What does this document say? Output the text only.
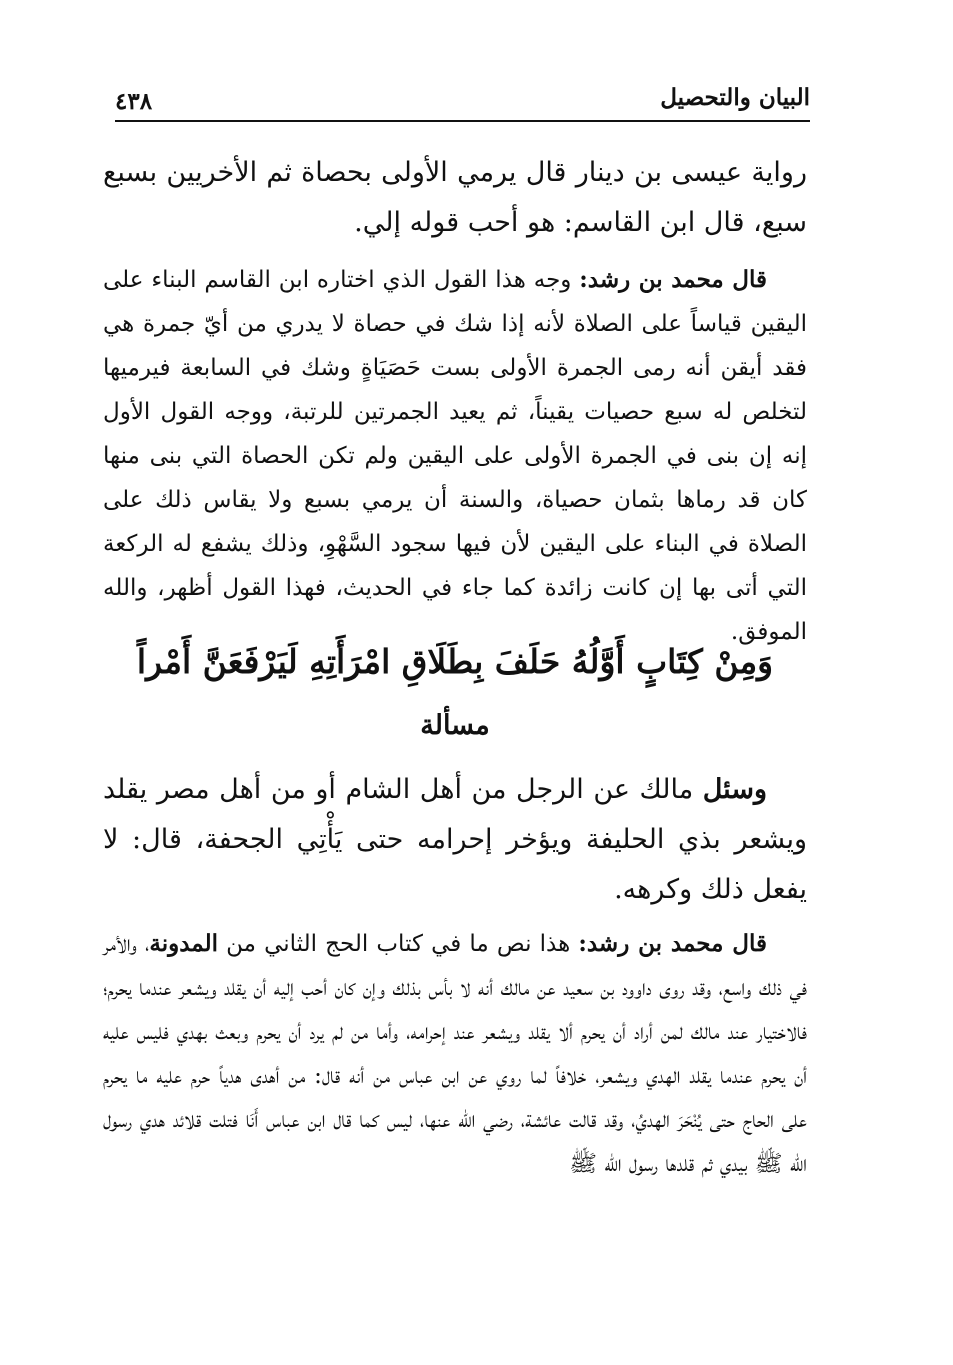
البيان والتحصيل
٤٣٨

رواية عيسى بن دينار قال يرمي الأولى بحصاة ثم الأخريين بسبع سبع، قال ابن القاسم: هو أحب قوله إلي.

قال محمد بن رشد: وجه هذا القول الذي اختاره ابن القاسم البناء على اليقين قياساً على الصلاة لأنه إذا شك في حصاة لا يدري من أيّ جمرة هي فقد أيقن أنه رمى الجمرة الأولى بست حَصَيَاةٍ وشك في السابعة فيرميها لتخلص له سبع حصيات يقيناً، ثم يعيد الجمرتين للرتبة، ووجه القول الأول إنه إن بنى في الجمرة الأولى على اليقين ولم تكن الحصاة التي بنى منها كان قد رماها بثمان حصياة، والسنة أن يرمي بسبع ولا يقاس ذلك على الصلاة في البناء على اليقين لأن فيها سجود السَّهْوِ، وذلك يشفع له الركعة التي أتى بها إن كانت زائدة كما جاء في الحديث، فهذا القول أظهر، والله الموفق.

وَمِنْ كِتَابٍ أَوَّلُهُ حَلَفَ بِطَلَاقِ امْرَأَتِهِ لَيَرْفَعَنَّ أَمْراً
مسألة

وسئل مالك عن الرجل من أهل الشام أو من أهل مصر يقلد ويشعر بذي الحليفة ويؤخر إحرامه حتى يَأْتِي الجحفة، قال: لا يفعل ذلك وكرهه.

قال محمد بن رشد: هذا نص ما في كتاب الحج الثاني من المدونة، والأمر في ذلك واسع، وقد روى داوود بن سعيد عن مالك أنه لا بأس بذلك وإن كان أحب إليه أن يقلد ويشعر عندما يحرم؛ فالاختيار عند مالك لمن أراد أن يحرم ألا يقلد ويشعر عند إحرامه، وأما من لم يرد أن يحرم وبعث بهدي فليس عليه أن يحرم عندما يقلد الهدي ويشعر، خلافاً لما روي عن ابن عباس من أنه قال: من أهدى هدياً حرم عليه ما يحرم على الحاج حتى يُنْحَرَ الهديُ، وقد قالت عائشة، رضي الله عنها، ليس كما قال ابن عباس أَنَا فتلت قلائد هدي رسول الله ﷺ بيدي ثم قلدها رسول الله ﷺ
